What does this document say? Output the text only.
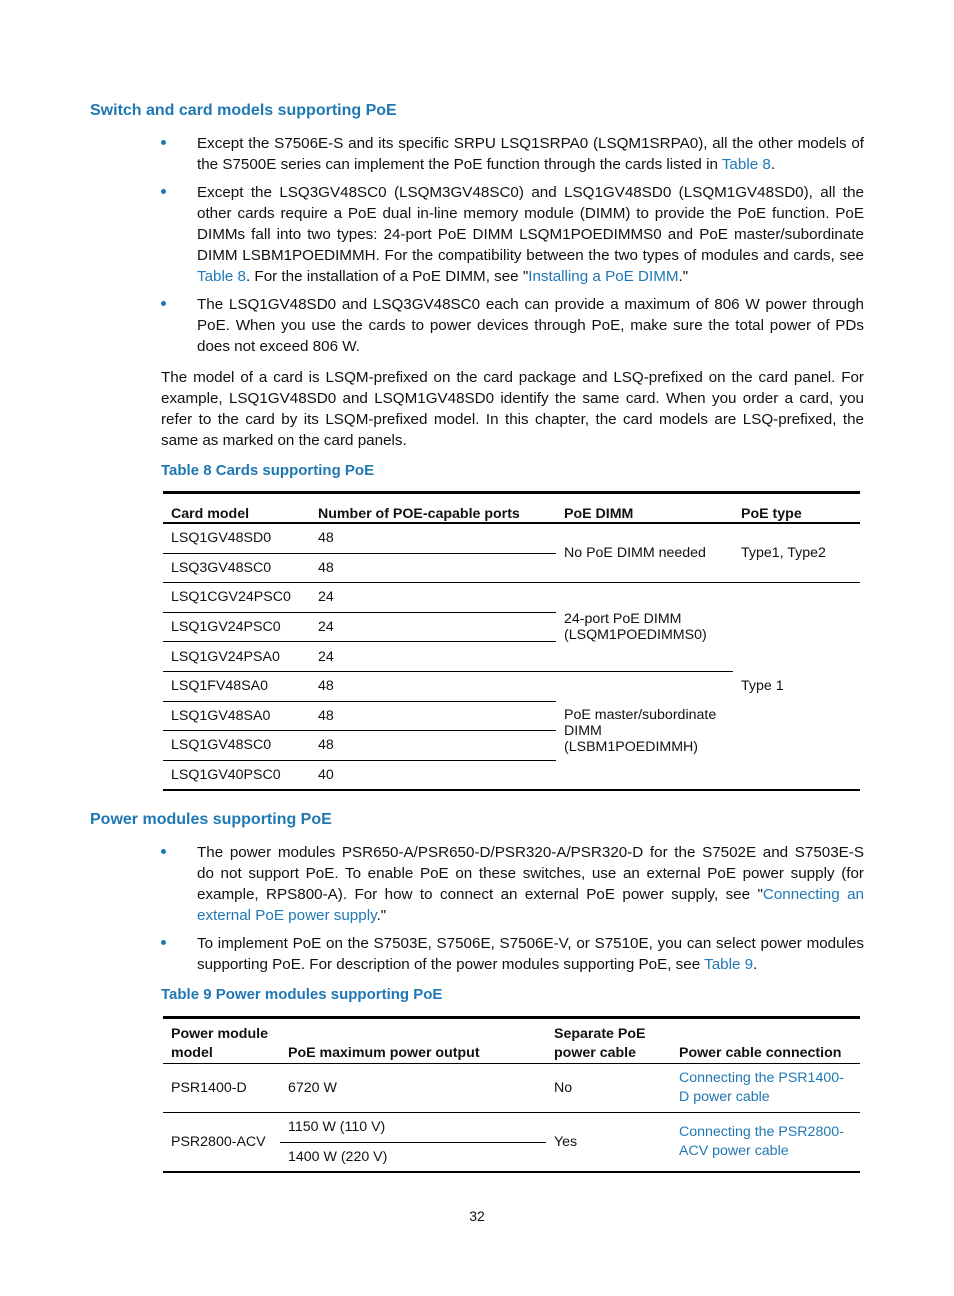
Switch and card models supporting PoE
Except the S7506E-S and its specific SRPU LSQ1SRPA0 (LSQM1SRPA0), all the other models of the S7500E series can implement the PoE function through the cards listed in Table 8.
Except the LSQ3GV48SC0 (LSQM3GV48SC0) and LSQ1GV48SD0 (LSQM1GV48SD0), all the other cards require a PoE dual in-line memory module (DIMM) to provide the PoE function. PoE DIMMs fall into two types: 24-port PoE DIMM LSQM1POEDIMMS0 and PoE master/subordinate DIMM LSBM1POEDIMMH. For the compatibility between the two types of modules and cards, see Table 8. For the installation of a PoE DIMM, see "Installing a PoE DIMM."
The LSQ1GV48SD0 and LSQ3GV48SC0 each can provide a maximum of 806 W power through PoE. When you use the cards to power devices through PoE, make sure the total power of PDs does not exceed 806 W.

The model of a card is LSQM-prefixed on the card package and LSQ-prefixed on the card panel. For example, LSQ1GV48SD0 and LSQM1GV48SD0 identify the same card. When you order a card, you refer to the card by its LSQM-prefixed model. In this chapter, the card models are LSQ-prefixed, the same as marked on the card panels.

Table 8 Cards supporting PoE

Card model	Number of POE-capable ports	PoE DIMM	PoE type
LSQ1GV48SD0	48	No PoE DIMM needed	Type1, Type2
LSQ3GV48SC0	48		
LSQ1CGV24PSC0	24	24-port PoE DIMM (LSQM1POEDIMMS0)	Type 1
LSQ1GV24PSC0	24		
LSQ1GV24PSA0	24		
LSQ1FV48SA0	48	PoE master/subordinate DIMM (LSBM1POEDIMMH)	
LSQ1GV48SA0	48		
LSQ1GV48SC0	48		
LSQ1GV40PSC0	40		
Power modules supporting PoE
The power modules PSR650-A/PSR650-D/PSR320-A/PSR320-D for the S7502E and S7503E-S do not support PoE. To enable PoE on these switches, use an external PoE power supply (for example, RPS800-A). For how to connect an external PoE power supply, see "Connecting an external PoE power supply."
To implement PoE on the S7503E, S7506E, S7506E-V, or S7510E, you can select power modules supporting PoE. For description of the power modules supporting PoE, see Table 9.

Table 9 Power modules supporting PoE

Power module model	PoE maximum power output	Separate PoE power cable	Power cable connection
PSR1400-D	6720 W	No	Connecting the PSR1400-D power cable
PSR2800-ACV	1150 W (110 V)	Yes	Connecting the PSR2800-ACV power cable
	1400 W (220 V)		
32
